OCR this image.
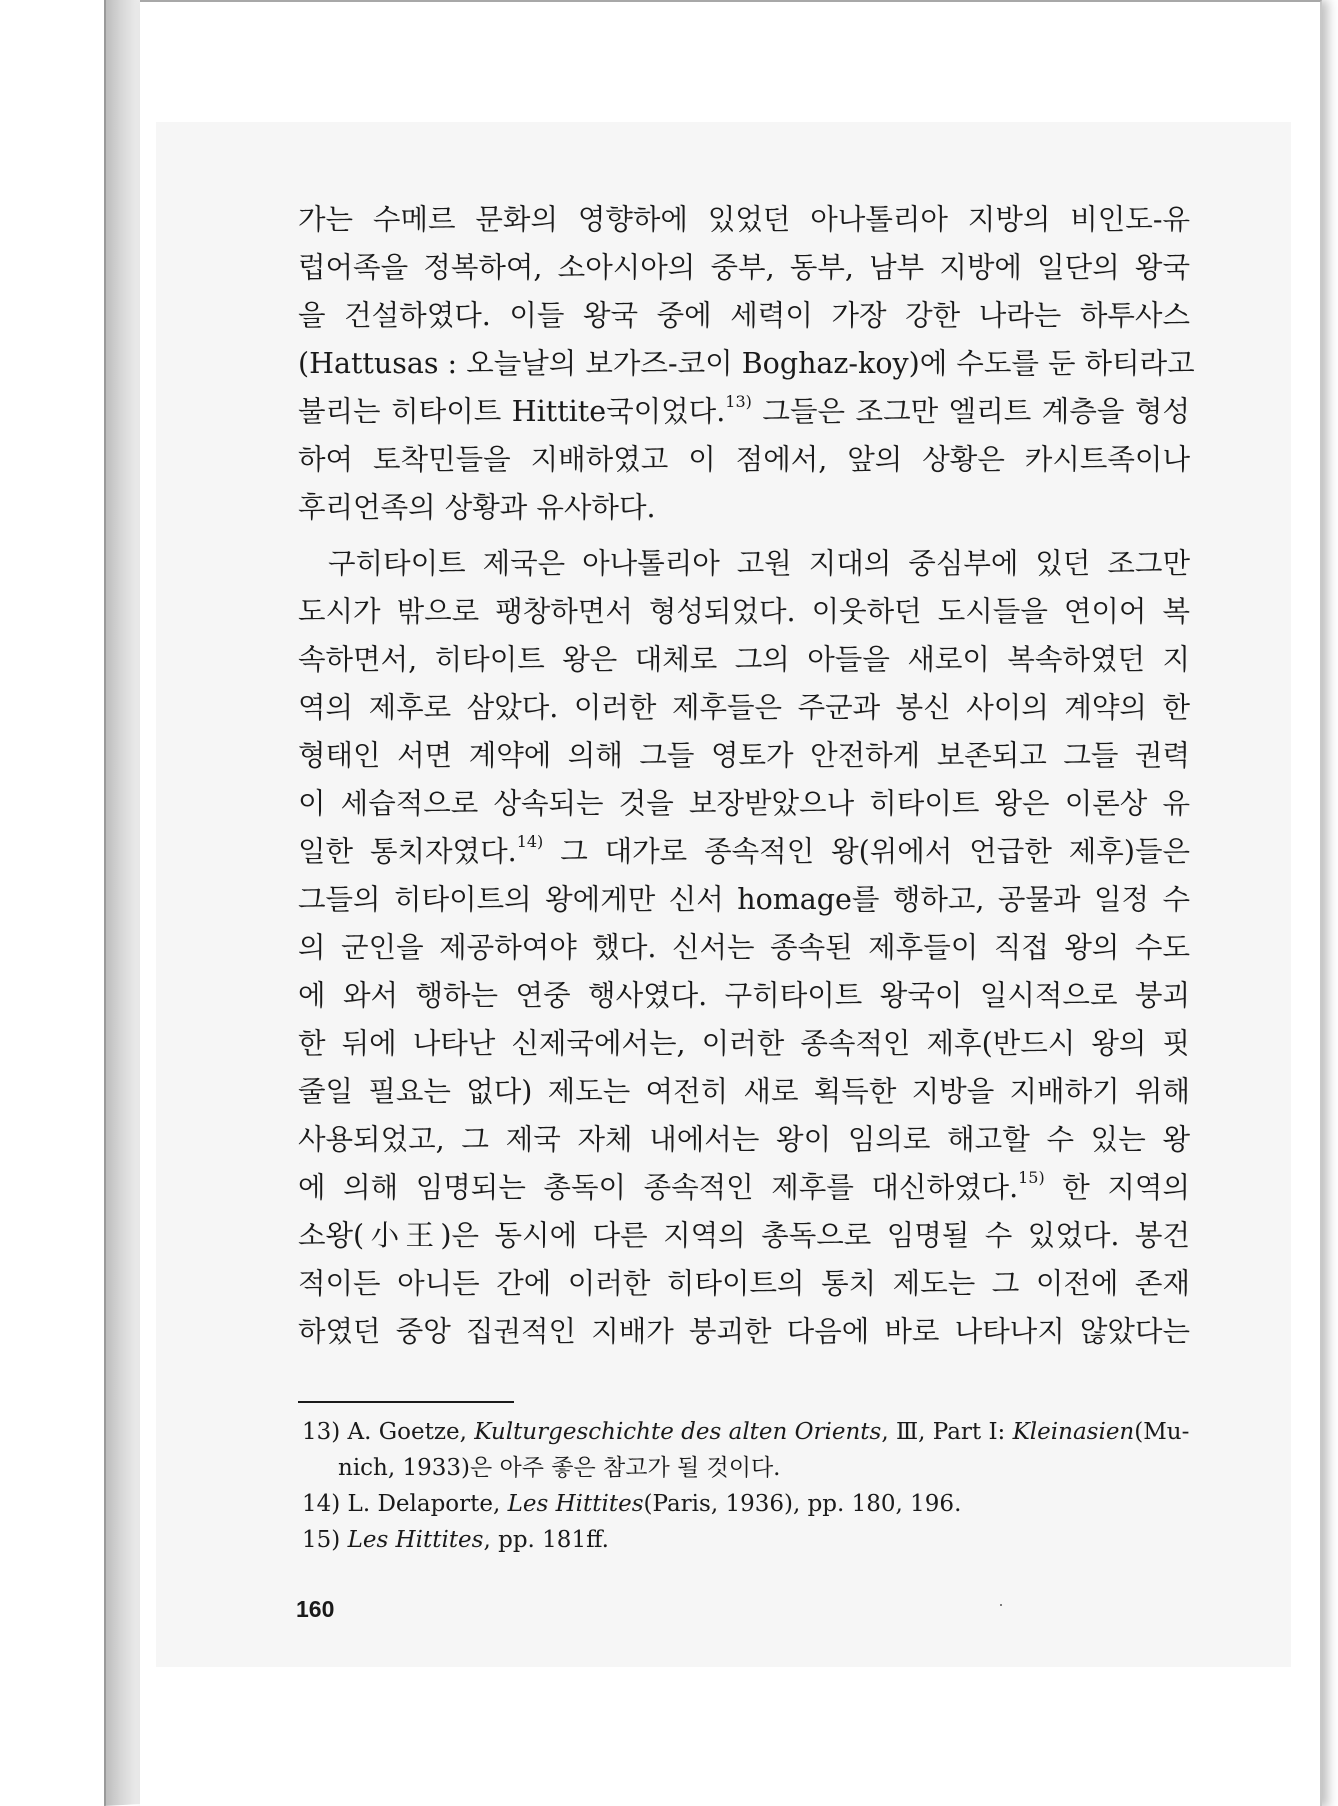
가는 수메르 문화의 영향하에 있었던 아나톨리아 지방의 비인도-유
럽어족을 정복하여, 소아시아의 중부, 동부, 남부 지방에 일단의 왕국
을 건설하였다. 이들 왕국 중에 세력이 가장 강한 나라는 하투사스
(Hattusas : 오늘날의 보가즈-코이 Boghaz-koy)에 수도를 둔 하티라고
불리는 히타이트 Hittite국이었다.$^{13)}$ 그들은 조그만 엘리트 계층을 형성
하여 토착민들을 지배하였고 이 점에서, 앞의 상황은 카시트족이나
후리언족의 상황과 유사하다.
구히타이트 제국은 아나톨리아 고원 지대의 중심부에 있던 조그만
도시가 밖으로 팽창하면서 형성되었다. 이웃하던 도시들을 연이어 복
속하면서, 히타이트 왕은 대체로 그의 아들을 새로이 복속하였던 지
역의 제후로 삼았다. 이러한 제후들은 주군과 봉신 사이의 계약의 한
형태인 서면 계약에 의해 그들 영토가 안전하게 보존되고 그들 권력
이 세습적으로 상속되는 것을 보장받았으나 히타이트 왕은 이론상 유
일한 통치자였다.$^{14)}$ 그 대가로 종속적인 왕(위에서 언급한 제후)들은
그들의 히타이트의 왕에게만 신서 homage를 행하고, 공물과 일정 수
의 군인을 제공하여야 했다. 신서는 종속된 제후들이 직접 왕의 수도
에 와서 행하는 연중 행사였다. 구히타이트 왕국이 일시적으로 붕괴
한 뒤에 나타난 신제국에서는, 이러한 종속적인 제후(반드시 왕의 핏
줄일 필요는 없다) 제도는 여전히 새로 획득한 지방을 지배하기 위해
사용되었고, 그 제국 자체 내에서는 왕이 임의로 해고할 수 있는 왕
에 의해 임명되는 총독이 종속적인 제후를 대신하였다.$^{15)}$ 한 지역의
소왕(小王)은 동시에 다른 지역의 총독으로 임명될 수 있었다. 봉건
적이든 아니든 간에 이러한 히타이트의 통치 제도는 그 이전에 존재
하였던 중앙 집권적인 지배가 붕괴한 다음에 바로 나타나지 않았다는
13) A. Goetze, Kulturgeschichte des alten Orients, Ⅲ, Part Ⅰ: Kleinasien(Mu-
nich, 1933)은 아주 좋은 참고가 될 것이다.
14) L. Delaporte, Les Hittites(Paris, 1936), pp. 180, 196.
15) Les Hittites, pp. 181ff.
160
